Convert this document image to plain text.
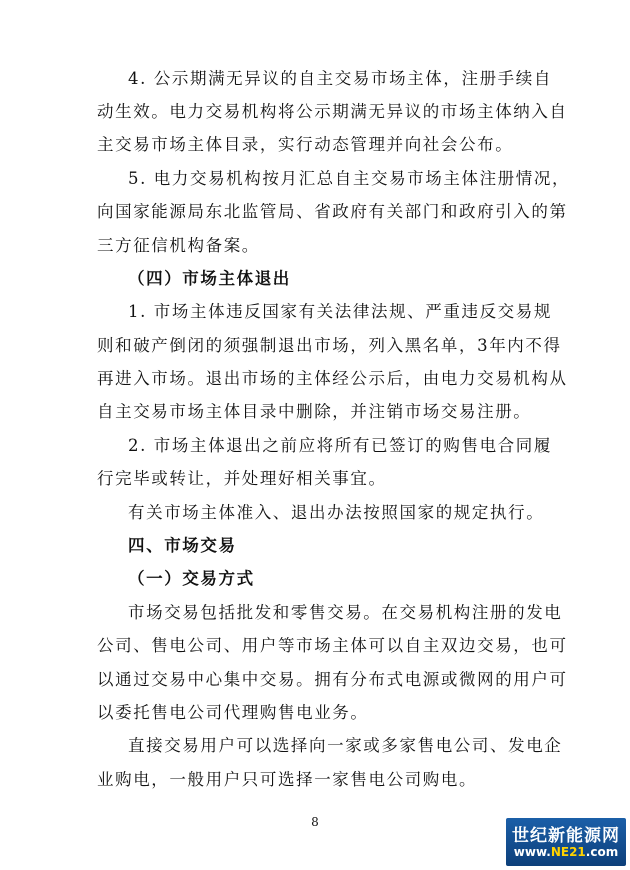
4. 公示期满无异议的自主交易市场主体，注册手续自
动生效。电力交易机构将公示期满无异议的市场主体纳入自
主交易市场主体目录，实行动态管理并向社会公布。
5. 电力交易机构按月汇总自主交易市场主体注册情况，
向国家能源局东北监管局、省政府有关部门和政府引入的第
三方征信机构备案。
（四）市场主体退出
1. 市场主体违反国家有关法律法规、严重违反交易规
则和破产倒闭的须强制退出市场，列入黑名单，3年内不得
再进入市场。退出市场的主体经公示后，由电力交易机构从
自主交易市场主体目录中删除，并注销市场交易注册。
2. 市场主体退出之前应将所有已签订的购售电合同履
行完毕或转让，并处理好相关事宜。
有关市场主体准入、退出办法按照国家的规定执行。
四、市场交易
（一）交易方式
市场交易包括批发和零售交易。在交易机构注册的发电
公司、售电公司、用户等市场主体可以自主双边交易，也可
以通过交易中心集中交易。拥有分布式电源或微网的用户可
以委托售电公司代理购售电业务。
直接交易用户可以选择向一家或多家售电公司、发电企
业购电，一般用户只可选择一家售电公司购电。
8
世纪新能源网
www.NE21.com
